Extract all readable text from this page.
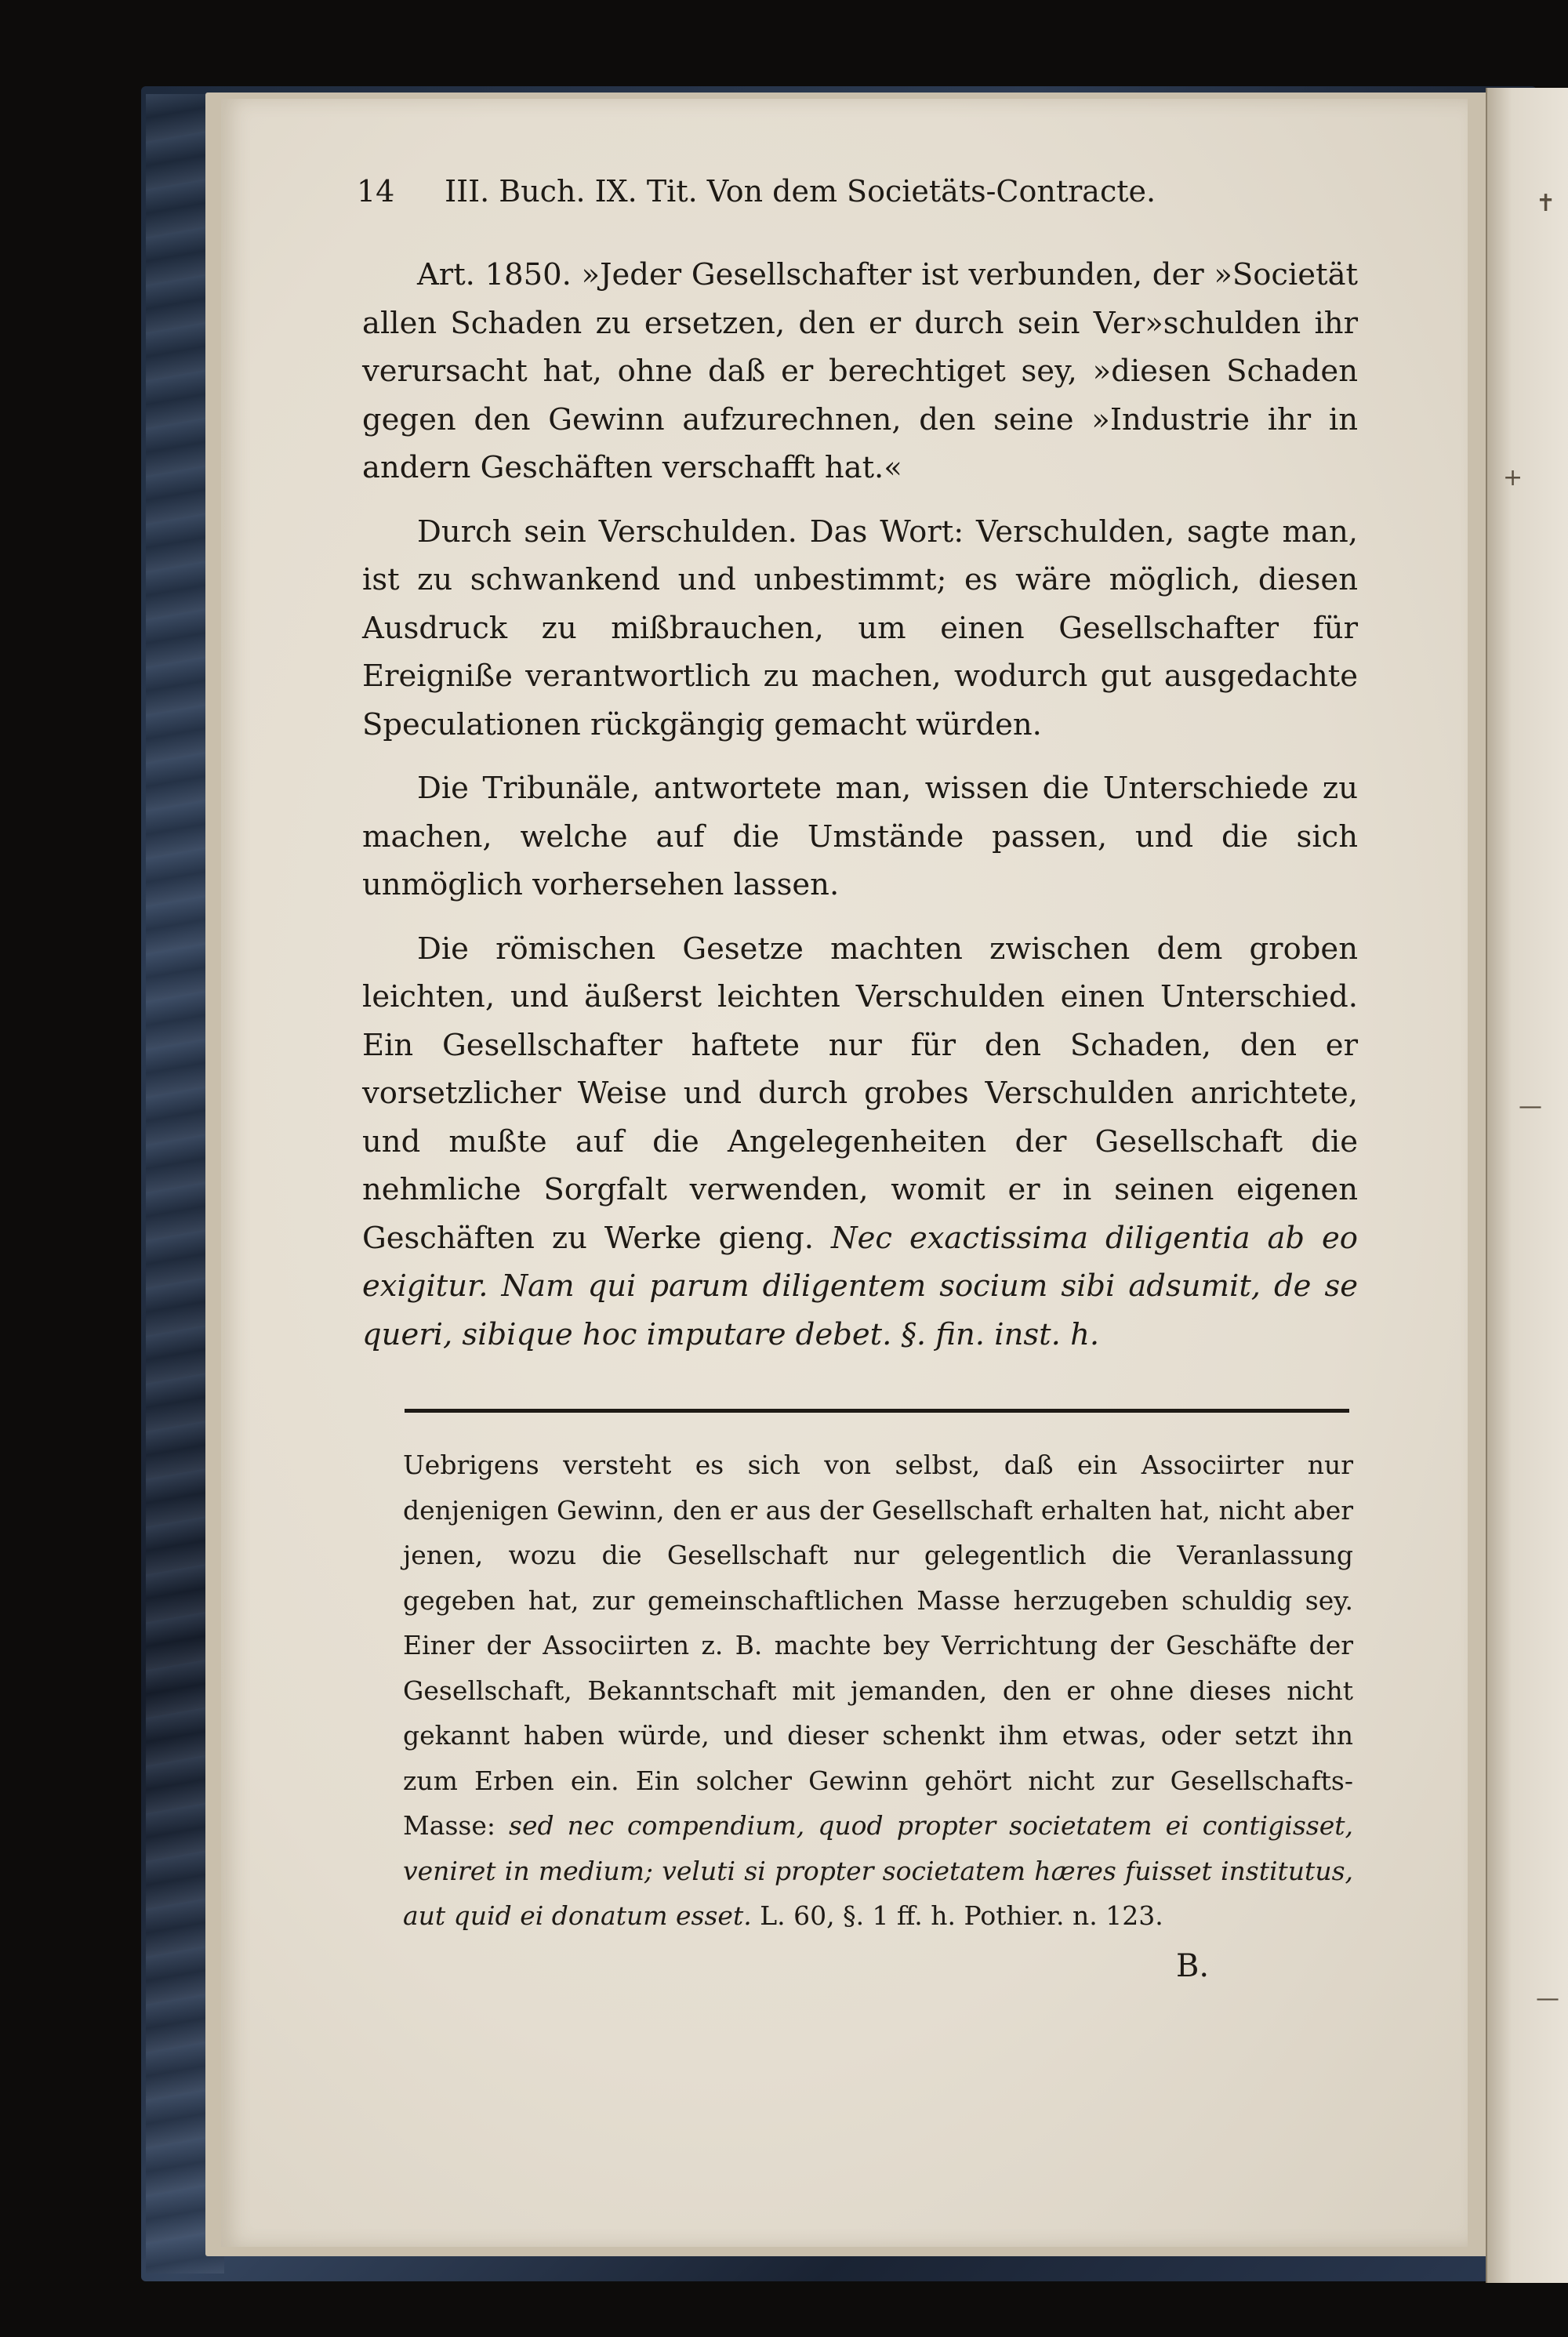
✝
+
—
—
14 III. Buch. IX. Tit. Von dem Societäts-Contracte.

Art. 1850. »Jeder Gesellschafter ist verbunden, der »Societät allen Schaden zu ersetzen, den er durch sein Ver»schulden ihr verursacht hat, ohne daß er berechtiget sey, »diesen Schaden gegen den Gewinn aufzurechnen, den seine »Industrie ihr in andern Geschäften verschafft hat.«

Durch sein Verschulden. Das Wort: Verschulden, sagte man, ist zu schwankend und unbestimmt; es wäre möglich, diesen Ausdruck zu mißbrauchen, um einen Gesellschafter für Ereigniße verantwortlich zu machen, wodurch gut ausgedachte Speculationen rückgängig gemacht würden.

Die Tribunäle, antwortete man, wissen die Unterschiede zu machen, welche auf die Umstände passen, und die sich unmöglich vorhersehen lassen.

Die römischen Gesetze machten zwischen dem groben leichten, und äußerst leichten Verschulden einen Unterschied. Ein Gesellschafter haftete nur für den Schaden, den er vorsetzlicher Weise und durch grobes Verschulden anrichtete, und mußte auf die Angelegenheiten der Gesellschaft die nehmliche Sorgfalt verwenden, womit er in seinen eigenen Geschäften zu Werke gieng. Nec exactissima diligentia ab eo exigitur. Nam qui parum diligentem socium sibi adsumit, de se queri, sibique hoc imputare debet. §. fin. inst. h.

Uebrigens versteht es sich von selbst, daß ein Associirter nur denjenigen Gewinn, den er aus der Gesellschaft erhalten hat, nicht aber jenen, wozu die Gesellschaft nur gelegentlich die Veranlassung gegeben hat, zur gemeinschaftlichen Masse herzugeben schuldig sey. Einer der Associirten z. B. machte bey Verrichtung der Geschäfte der Gesellschaft, Bekanntschaft mit jemanden, den er ohne dieses nicht gekannt haben würde, und dieser schenkt ihm etwas, oder setzt ihn zum Erben ein. Ein solcher Gewinn gehört nicht zur Gesellschafts-Masse: sed nec compendium, quod propter societatem ei contigisset, veniret in medium; veluti si propter societatem hæres fuisset institutus, aut quid ei donatum esset. L. 60, §. 1 ff. h. Pothier. n. 123.

B.
